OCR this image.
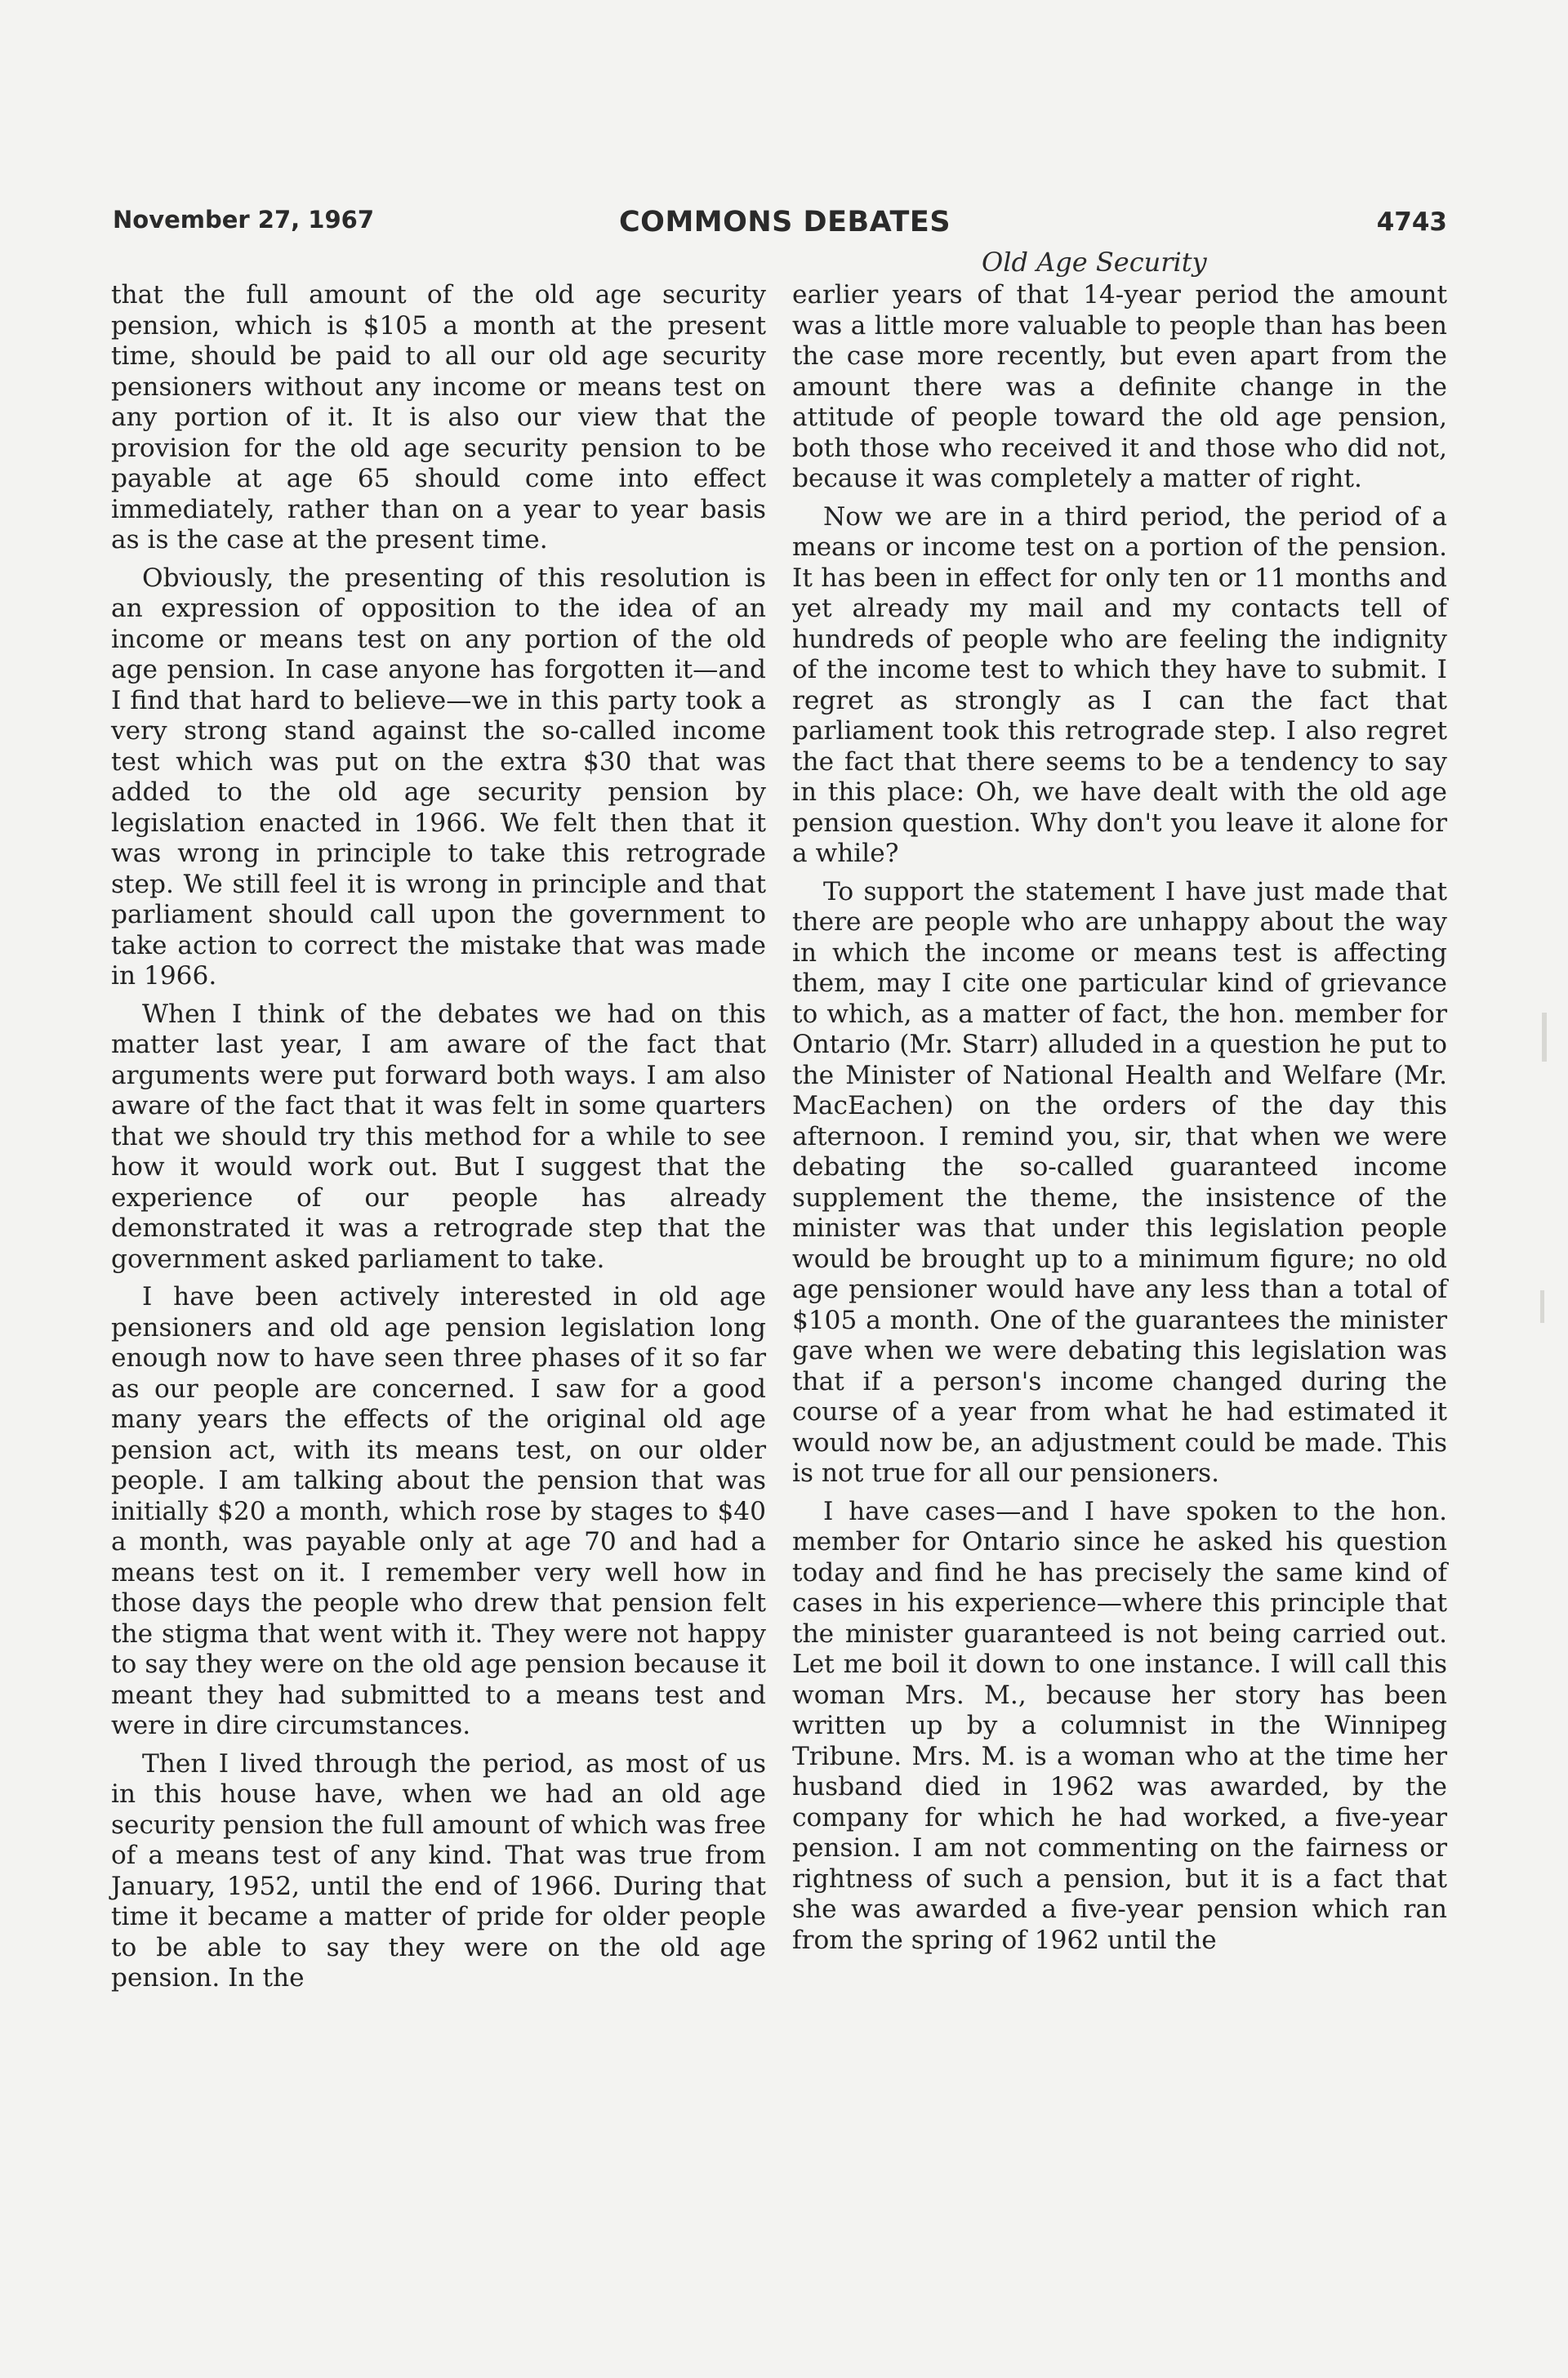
November 27, 1967	COMMONS DEBATES	4743
Old Age Security

that the full amount of the old age security pension, which is $105 a month at the present time, should be paid to all our old age security pensioners without any income or means test on any portion of it. It is also our view that the provision for the old age security pension to be payable at age 65 should come into effect immediately, rather than on a year to year basis as is the case at the present time.

Obviously, the presenting of this resolution is an expression of opposition to the idea of an income or means test on any portion of the old age pension. In case anyone has forgotten it—and I find that hard to believe—we in this party took a very strong stand against the so-called income test which was put on the extra $30 that was added to the old age security pension by legislation enacted in 1966. We felt then that it was wrong in principle to take this retrograde step. We still feel it is wrong in principle and that parliament should call upon the government to take action to correct the mistake that was made in 1966.

When I think of the debates we had on this matter last year, I am aware of the fact that arguments were put forward both ways. I am also aware of the fact that it was felt in some quarters that we should try this method for a while to see how it would work out. But I suggest that the experience of our people has already demonstrated it was a retrograde step that the government asked parliament to take.

I have been actively interested in old age pensioners and old age pension legislation long enough now to have seen three phases of it so far as our people are concerned. I saw for a good many years the effects of the original old age pension act, with its means test, on our older people. I am talking about the pension that was initially $20 a month, which rose by stages to $40 a month, was payable only at age 70 and had a means test on it. I remember very well how in those days the people who drew that pension felt the stigma that went with it. They were not happy to say they were on the old age pension because it meant they had submitted to a means test and were in dire circumstances.

Then I lived through the period, as most of us in this house have, when we had an old age security pension the full amount of which was free of a means test of any kind. That was true from January, 1952, until the end of 1966. During that time it became a matter of pride for older people to be able to say they were on the old age pension. In the

earlier years of that 14-year period the amount was a little more valuable to people than has been the case more recently, but even apart from the amount there was a definite change in the attitude of people toward the old age pension, both those who received it and those who did not, because it was completely a matter of right.

Now we are in a third period, the period of a means or income test on a portion of the pension. It has been in effect for only ten or 11 months and yet already my mail and my contacts tell of hundreds of people who are feeling the indignity of the income test to which they have to submit. I regret as strongly as I can the fact that parliament took this retrograde step. I also regret the fact that there seems to be a tendency to say in this place: Oh, we have dealt with the old age pension question. Why don't you leave it alone for a while?

To support the statement I have just made that there are people who are unhappy about the way in which the income or means test is affecting them, may I cite one particular kind of grievance to which, as a matter of fact, the hon. member for Ontario (Mr. Starr) alluded in a question he put to the Minister of National Health and Welfare (Mr. MacEachen) on the orders of the day this afternoon. I remind you, sir, that when we were debating the so-called guaranteed income supplement the theme, the insistence of the minister was that under this legislation people would be brought up to a minimum figure; no old age pensioner would have any less than a total of $105 a month. One of the guarantees the minister gave when we were debating this legislation was that if a person's income changed during the course of a year from what he had estimated it would now be, an adjustment could be made. This is not true for all our pensioners.

I have cases—and I have spoken to the hon. member for Ontario since he asked his question today and find he has precisely the same kind of cases in his experience—where this principle that the minister guaranteed is not being carried out. Let me boil it down to one instance. I will call this woman Mrs. M., because her story has been written up by a columnist in the Winnipeg Tribune. Mrs. M. is a woman who at the time her husband died in 1962 was awarded, by the company for which he had worked, a five-year pension. I am not commenting on the fairness or rightness of such a pension, but it is a fact that she was awarded a five-year pension which ran from the spring of 1962 until the
